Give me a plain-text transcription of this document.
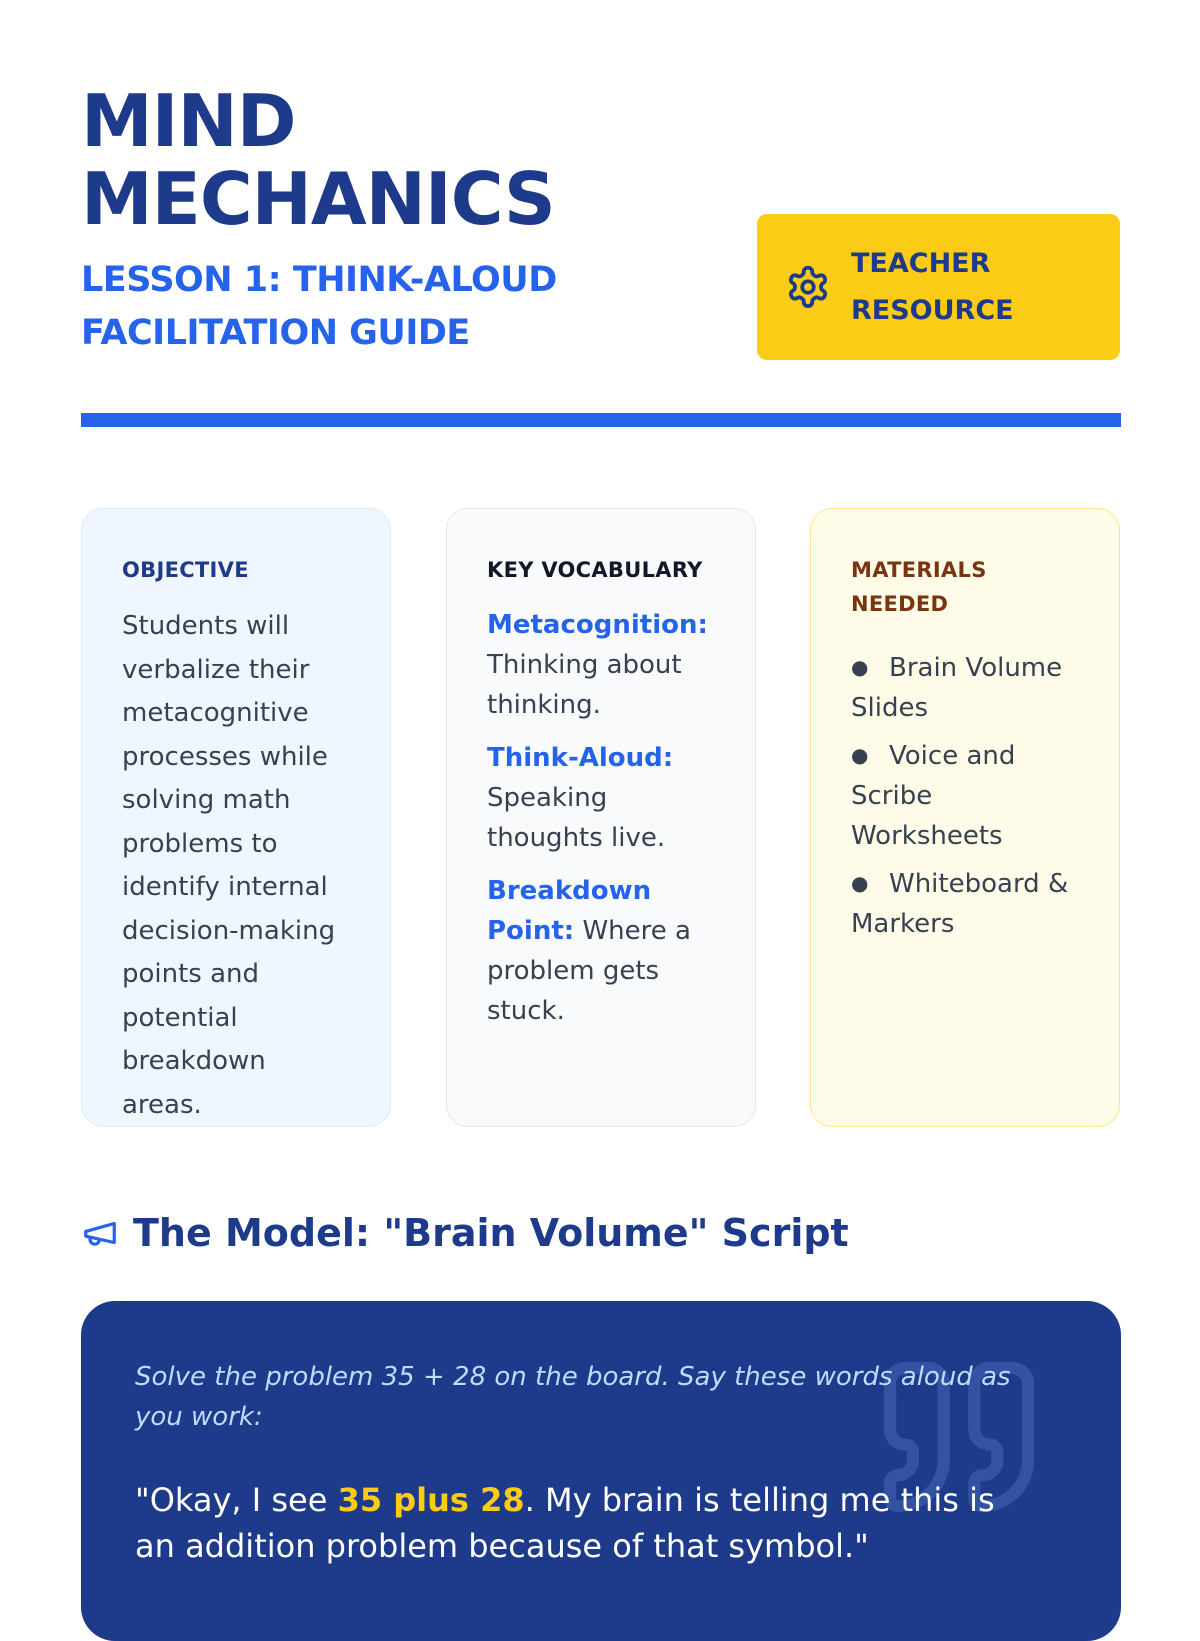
MIND
MECHANICS
LESSON 1: THINK-ALOUD FACILITATION GUIDE
TEACHER
RESOURCE
OBJECTIVE

Students will verbalize their metacognitive processes while solving math problems to identify internal decision-making points and potential breakdown areas.

KEY VOCABULARY

Metacognition: Thinking about thinking.

Think-Aloud: Speaking thoughts live.

Breakdown Point: Where a problem gets stuck.

MATERIALS NEEDED
● Brain Volume Slides
● Voice and Scribe Worksheets
● Whiteboard & Markers
The Model: "Brain Volume" Script

Solve the problem 35 + 28 on the board. Say these words aloud as you work:

"Okay, I see 35 plus 28. My brain is telling me this is an addition problem because of that symbol."
